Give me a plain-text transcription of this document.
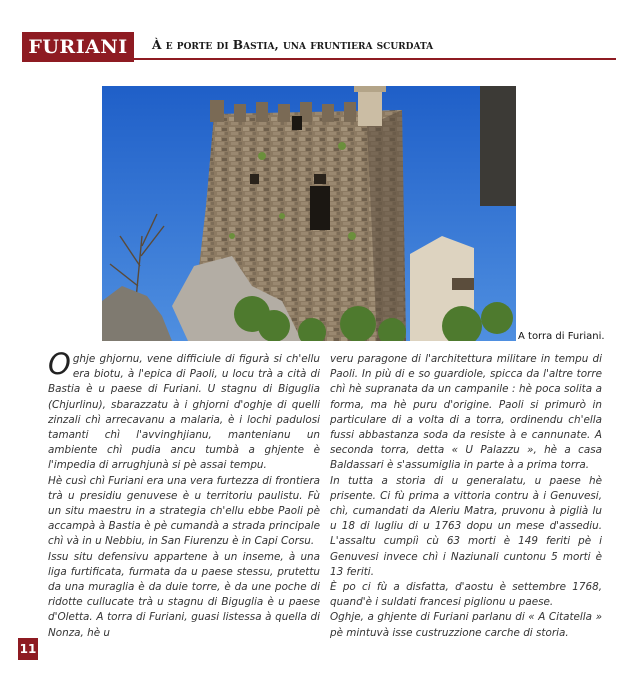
FURIANI	À e porte di Bastia, una fruntiera scurdata
A torra di Furiani.

Oghje ghjornu, vene difficiule di figurà si ch'ellu era biotu, à l'epica di Paoli, u locu trà a cità di Bastia è u paese di Furiani. U stagnu di Biguglia (Chjurlinu), sbarazzatu à i ghjorni d'oghje di quelli zinzali chì arrecavanu a malaria, è i lochi padulosi tamanti chì l'avvinghjianu, mantenianu un ambiente chì pudia ancu tumbà a ghjente è l'impedia di arrughjunà si pè assai tempu.

Hè cusì chì Furiani era una vera furtezza di frontiera trà u presidiu genuvese è u territoriu paulistu. Fù un situ maestru in a strategia ch'ellu ebbe Paoli pè accampà à Bastia è pè cumandà a strada principale chì và in u Nebbiu, in San Fiurenzu è in Capi Corsu.

Issu situ defensivu appartene à un inseme, à una liga furtificata, furmata da u paese stessu, prutettu da una muraglia è da duie torre, è da une poche di ridotte cullucate trà u stagnu di Biguglia è u paese d'Oletta. A torra di Furiani, guasi listessa à quella di Nonza, hè u

veru paragone di l'architettura militare in tempu di Paoli. In più di e so guardiole, spicca da l'altre torre chì hè supranata da un campanile : hè poca solita a forma, ma hè puru d'origine. Paoli si primurò in particulare di a volta di a torra, ordinendu ch'ella fussi abbastanza soda da resiste à e cannunate. A seconda torra, detta « U Palazzu », hè a casa Baldassari è s'assumiglia in parte à a prima torra.

In tutta a storia di u generalatu, u paese hè prisente. Ci fù prima a vittoria contru à i Genuvesi, chì, cumandati da Aleriu Matra, pruvonu à piglià lu u 18 di lugliu di u 1763 dopu un mese d'assediu. L'assaltu cumpiì cù 63 morti è 149 feriti pè i Genuvesi invece chì i Naziunali cuntonu 5 morti è 13 feriti.

È po ci fù a disfatta, d'aostu è settembre 1768, quand'è i suldati francesi piglionu u paese.

Oghje, a ghjente di Furiani parlanu di « A Citatella » pè mintuvà isse custruzzione carche di storia.

11
